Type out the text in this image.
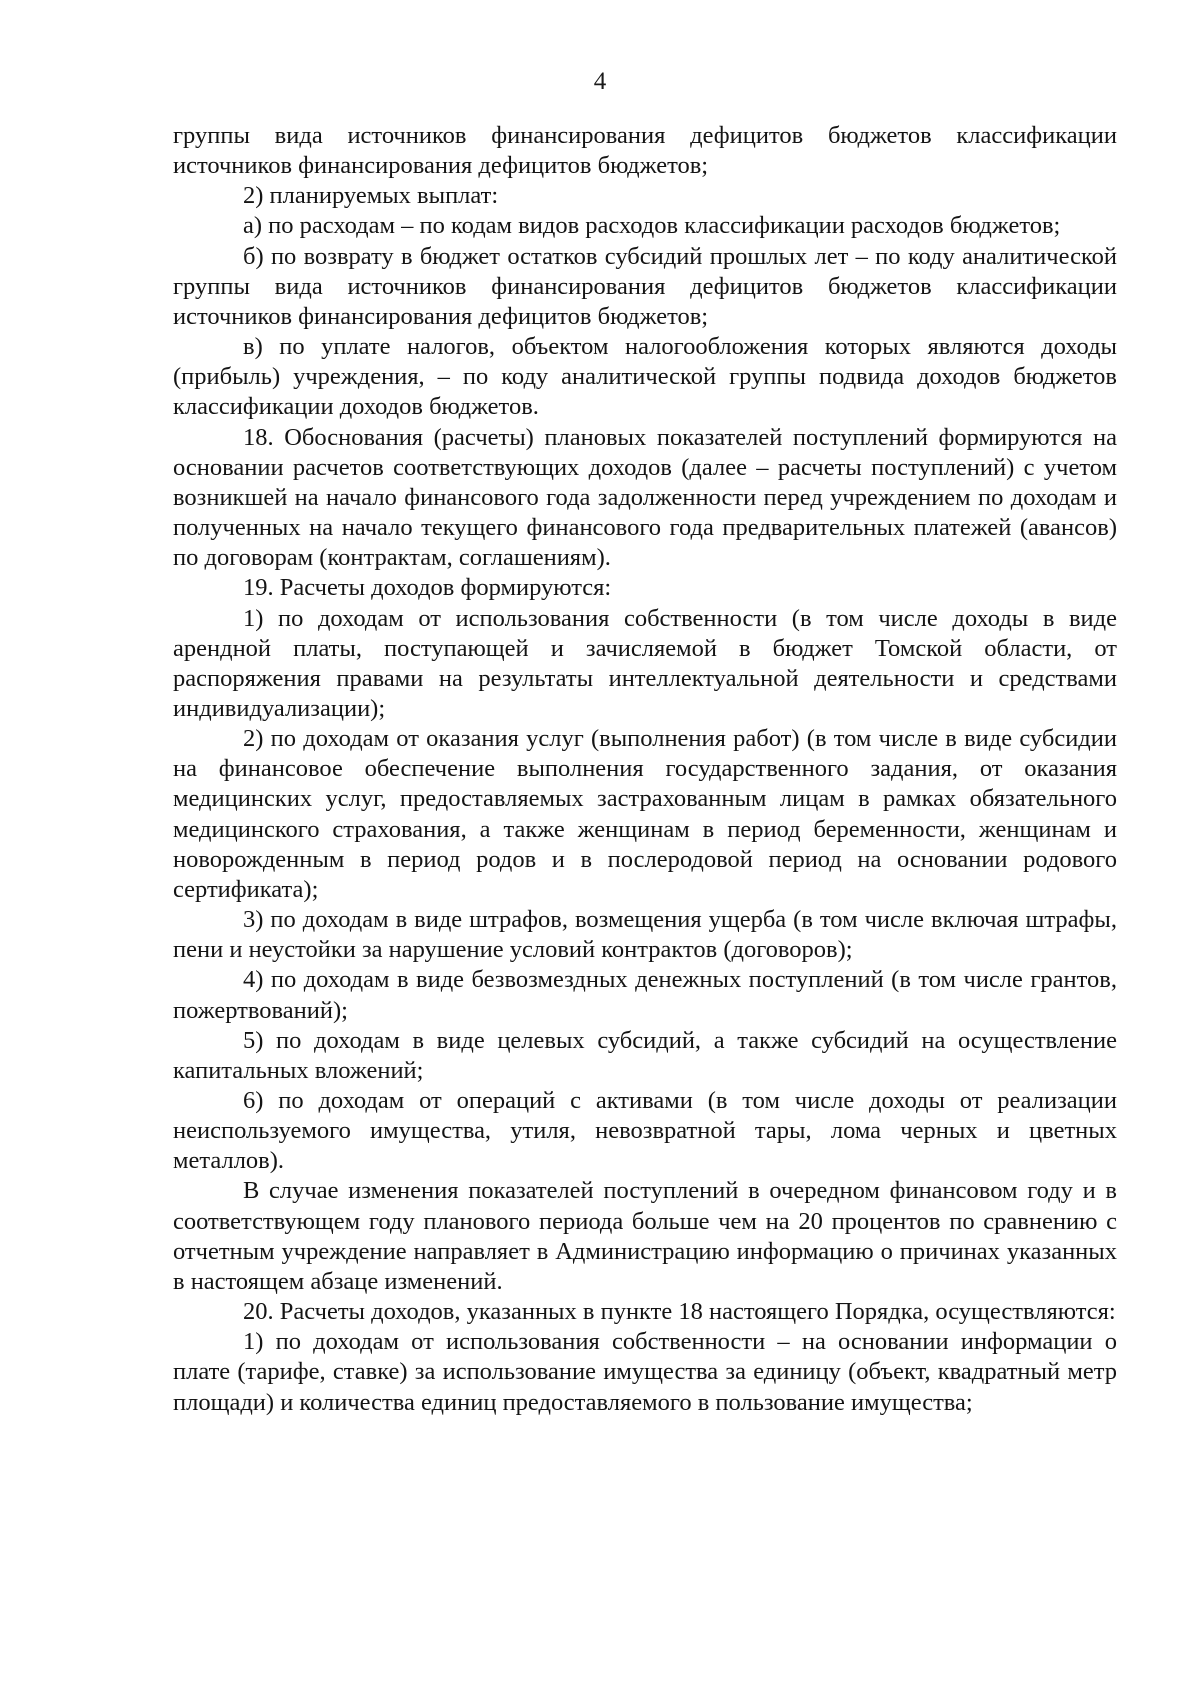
4

группы вида источников финансирования дефицитов бюджетов классификации источников финансирования дефицитов бюджетов;

2) планируемых выплат:

а) по расходам – по кодам видов расходов классификации расходов бюджетов;

б) по возврату в бюджет остатков субсидий прошлых лет – по коду аналитической группы вида источников финансирования дефицитов бюджетов классификации источников финансирования дефицитов бюджетов;

в) по уплате налогов, объектом налогообложения которых являются доходы (прибыль) учреждения, – по коду аналитической группы подвида доходов бюджетов классификации доходов бюджетов.

18. Обоснования (расчеты) плановых показателей поступлений формируются на основании расчетов соответствующих доходов (далее – расчеты поступлений) с учетом возникшей на начало финансового года задолженности перед учреждением по доходам и полученных на начало текущего финансового года предварительных платежей (авансов) по договорам (контрактам, соглашениям).

19. Расчеты доходов формируются:

1) по доходам от использования собственности (в том числе доходы в виде арендной платы, поступающей и зачисляемой в бюджет Томской области, от распоряжения правами на результаты интеллектуальной деятельности и средствами индивидуализации);

2) по доходам от оказания услуг (выполнения работ) (в том числе в виде субсидии на финансовое обеспечение выполнения государственного задания, от оказания медицинских услуг, предоставляемых застрахованным лицам в рамках обязательного медицинского страхования, а также женщинам в период беременности, женщинам и новорожденным в период родов и в послеродовой период на основании родового сертификата);

3) по доходам в виде штрафов, возмещения ущерба (в том числе включая штрафы, пени и неустойки за нарушение условий контрактов (договоров);

4) по доходам в виде безвозмездных денежных поступлений (в том числе грантов, пожертвований);

5) по доходам в виде целевых субсидий, а также субсидий на осуществление капитальных вложений;

6) по доходам от операций с активами (в том числе доходы от реализации неиспользуемого имущества, утиля, невозвратной тары, лома черных и цветных металлов).

В случае изменения показателей поступлений в очередном финансовом году и в соответствующем году планового периода больше чем на 20 процентов по сравнению с отчетным учреждение направляет в Администрацию информацию о причинах указанных в настоящем абзаце изменений.

20. Расчеты доходов, указанных в пункте 18 настоящего Порядка, осуществляются:

1) по доходам от использования собственности – на основании информации о плате (тарифе, ставке) за использование имущества за единицу (объект, квадратный метр площади) и количества единиц предоставляемого в пользование имущества;
